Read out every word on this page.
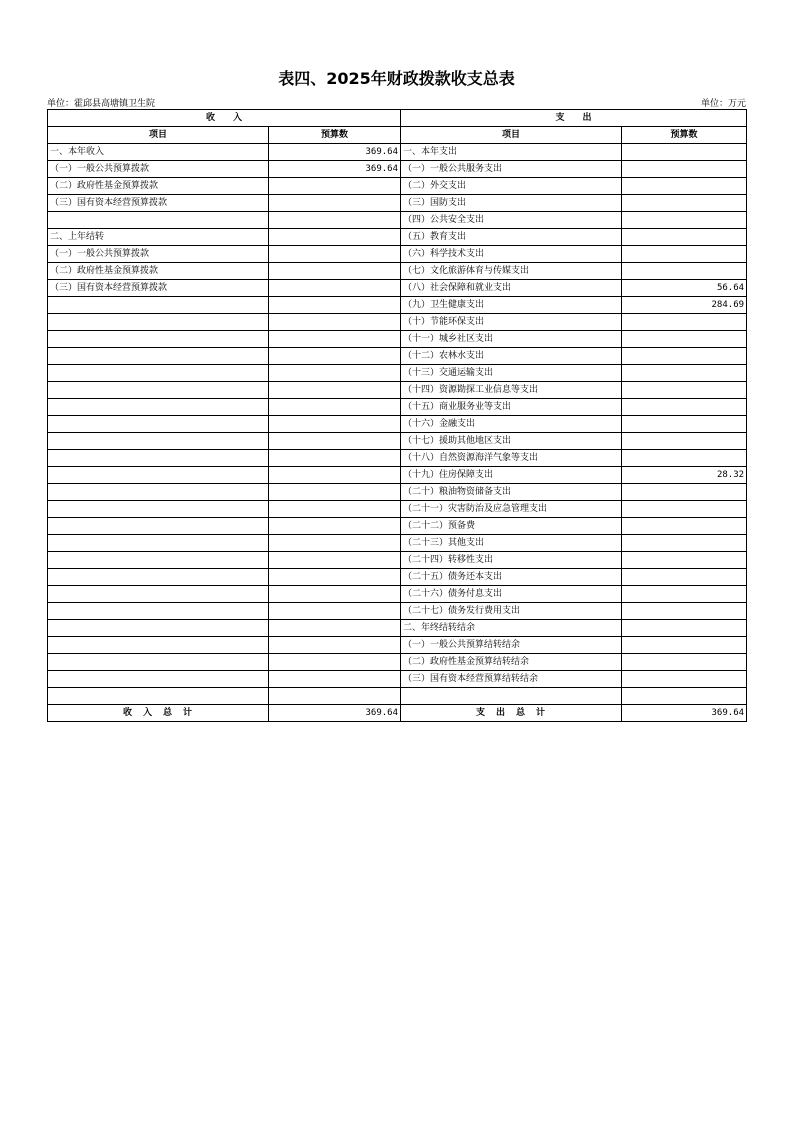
表四、2025年财政拨款收支总表
单位：霍邱县高塘镇卫生院	单位：万元
收　　入		支　　出	
项目	预算数	项目	预算数
一、本年收入	369.64	一、本年支出	
（一）一般公共预算拨款	369.64	（一）一般公共服务支出	
（二）政府性基金预算拨款		（二）外交支出	
（三）国有资本经营预算拨款		（三）国防支出	
		（四）公共安全支出	
二、上年结转		（五）教育支出	
（一）一般公共预算拨款		（六）科学技术支出	
（二）政府性基金预算拨款		（七）文化旅游体育与传媒支出	
（三）国有资本经营预算拨款		（八）社会保障和就业支出	56.64
		（九）卫生健康支出	284.69
		（十）节能环保支出	
		（十一）城乡社区支出	
		（十二）农林水支出	
		（十三）交通运输支出	
		（十四）资源勘探工业信息等支出	
		（十五）商业服务业等支出	
		（十六）金融支出	
		（十七）援助其他地区支出	
		（十八）自然资源海洋气象等支出	
		（十九）住房保障支出	28.32
		（二十）粮油物资储备支出	
		（二十一）灾害防治及应急管理支出	
		（二十二）预备费	
		（二十三）其他支出	
		（二十四）转移性支出	
		（二十五）债务还本支出	
		（二十六）债务付息支出	
		（二十七）债务发行费用支出	
		二、年终结转结余	
		（一）一般公共预算结转结余	
		（二）政府性基金预算结转结余	
		（三）国有资本经营预算结转结余	

收　入　总　计	369.64	支　出　总　计	369.64
